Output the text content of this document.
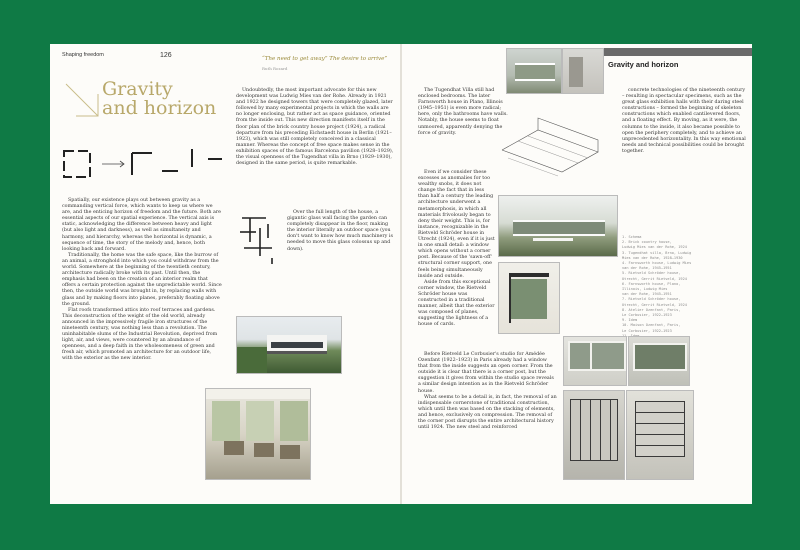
Shaping freedom	126	“The need to get away” The desire to arrive”
Ruth Rozard
Gravity
and horizon

Spatially, our existence plays out between gravity as a commanding vertical force, which wants to keep us where we are, and the enticing horizon of freedom and the future. Both are essential aspects of our spatial experience. The vertical axis is static, acknowledging the difference between heavy and light (but also light and darkness), as well as simultaneity and harmony, and hierarchy, whereas the horizontal is dynamic, a sequence of time, the story of the melody and, hence, both looking back and forward.

Traditionally, the home was the safe space, like the burrow of an animal, a stronghold into which you could withdraw from the world. Somewhere at the beginning of the twentieth century, architecture radically broke with its past. Until then, the emphasis had been on the creation of an interior realm that offers a certain protection against the unpredictable world. Since then, the outside world was brought in, by replacing walls with glass and by making floors into planes, preferably floating above the ground.

Flat roofs transformed attics into roof terraces and gardens. This deconstruction of the weight of the old world, already announced in the impressively fragile iron structures of the nineteenth century, was nothing less than a revolution. The uninhabitable slums of the Industrial Revolution, deprived from light, air, and views, were countered by an abundance of openness, and a deep faith in the wholesomeness of green and fresh air, which promoted an architecture for an outdoor life, with the exterior as the new interior.

Undoubtedly, the most important advocate for this new development was Ludwig Mies van der Rohe. Already in 1921 and 1922 he designed towers that were completely glazed, later followed by many experimental projects in which the walls are no longer enclosing, but rather act as space guidance, oriented from the inside out. This new direction manifests itself in the floor plan of the brick country house project (1924), a radical departure from his preceding Eichstaedt house in Berlin (1921–1923), which was still completely conceived in a classical manner. Whereas the concept of free space makes sense in the exhibition spaces of the famous Barcelona pavilion (1928–1929), the visual openness of the Tugendhat villa in Brno (1929–1930), designed in the same period, is quite remarkable.

Over the full length of the house, a gigantic glass wall facing the garden can completely disappear in the floor, making the interior literally an outdoor space (you don't want to know how much machinery is needed to move this glass colossus up and down).

The Tugendhat Villa still had enclosed bedrooms. The later Farnsworth house in Plano, Illinois (1945–1951) is even more radical; here, only the bathrooms have walls. Notably, the house seems to float unmoored, apparently denying the force of gravity.

Gravity and horizon

Even if we consider these excesses as anomalies for too wealthy snobs, it does not change the fact that in less than half a century the leading architecture underwent a metamorphosis, in which all materials frivolously began to deny their weight. This is, for instance, recognizable in the Rietveld Schröder house in Utrecht (1924), even if it is just in one small detail: a window which opens without a corner post. Because of the 'sawn-off' structural corner support, one feels being simultaneously inside and outside.

Aside from this exceptional corner window, the Rietveld Schröder house was constructed in a traditional manner, albeit that the exterior was composed of planes, suggesting the lightness of a house of cards.

1. Schema
2. Brick country house,
Ludwig Mies van der Rohe, 1924
3. Tugendhat villa, Brno, Ludwig
Mies van der Rohe, 1928–1930
4. Farnsworth house, Ludwig Mies
van der Rohe, 1945–1951
5. Rietveld Schröder house,
Utrecht, Gerrit Rietveld, 1924
6. Farnsworth house, Plano,
Illinois, Ludwig Mies
van der Rohe, 1945–1951
7. Rietveld Schröder house,
Utrecht, Gerrit Rietveld, 1924
8. Atelier Ozenfant, Paris,
Le Corbusier, 1922–1923
9. Idem
10. Maison Ozenfant, Paris,
Le Corbusier, 1922–1923

concrete technologies of the nineteenth century – resulting in spectacular specimens, such as the great glass exhibition halls with their daring steel constructions – formed the beginning of skeleton constructions which enabled cantilevered floors, and a floating effect. By moving, as it were, the columns to the inside, it also became possible to open the periphery completely, and to achieve an unprecedented horizontality. In this way emotional needs and technical possibilities could be brought together.

Before Rietveld Le Corbusier's studio for Amédée Ozenfant (1922–1923) in Paris already had a window that from the inside suggests an open corner. From the outside it is clear that there is a corner post, but the suggestion it gives from within the studio space reveals a similar design intention as in the Rietveld Schröder house.

What seems to be a detail is, in fact, the removal of an indispensable cornerstone of traditional construction, which until then was based on the stacking of elements, and hence, exclusively on compression. The removal of the corner post disrupts the entire architectural history until 1924. The new steel and reinforced
